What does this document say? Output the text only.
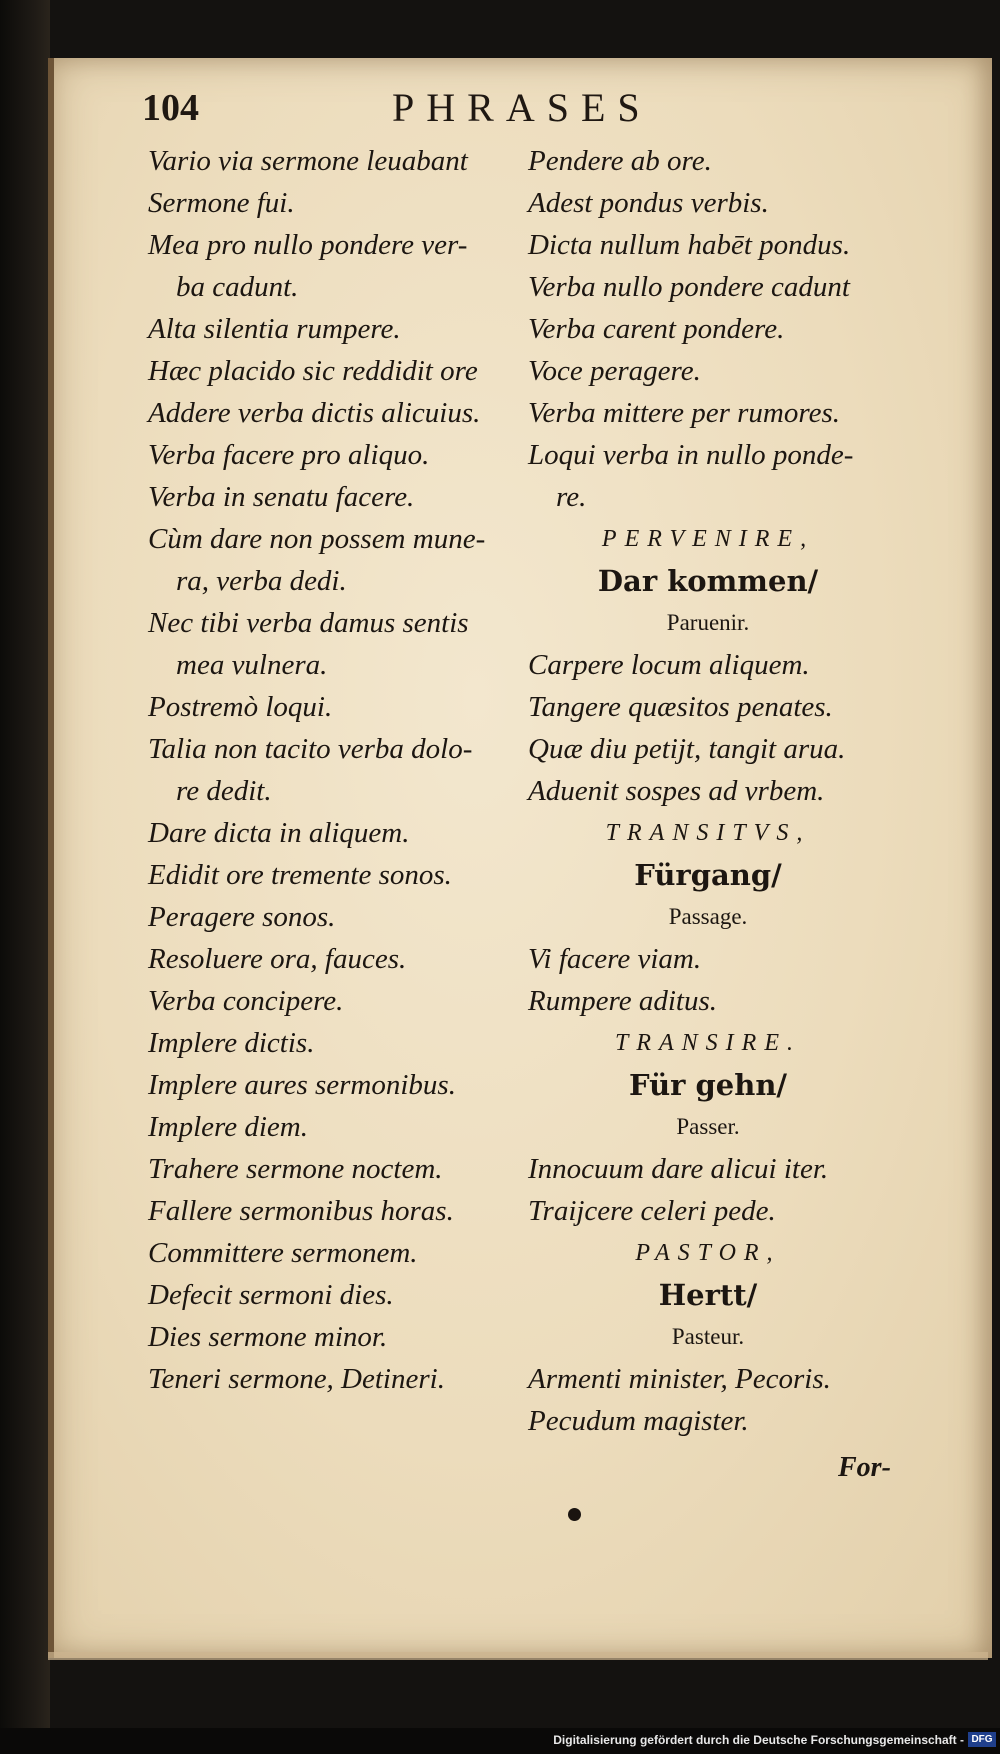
104	PHRASES
Vario via sermone leuabant
Sermone fui.
Mea pro nullo pondere ver-
ba cadunt.
Alta silentia rumpere.
Hæc placido sic reddidit ore
Addere verba dictis alicuius.
Verba facere pro aliquo.
Verba in senatu facere.
Cùm dare non possem mune-
ra, verba dedi.
Nec tibi verba damus sentis
mea vulnera.
Postremò loqui.
Talia non tacito verba dolo-
re dedit.
Dare dicta in aliquem.
Edidit ore tremente sonos.
Peragere sonos.
Resoluere ora, fauces.
Verba concipere.
Implere dictis.
Implere aures sermonibus.
Implere diem.
Trahere sermone noctem.
Fallere sermonibus horas.
Committere sermonem.
Defecit sermoni dies.
Dies sermone minor.
Teneri sermone, Detineri.
Pendere ab ore.
Adest pondus verbis.
Dicta nullum habēt pondus.
Verba nullo pondere cadunt
Verba carent pondere.
Voce peragere.
Verba mittere per rumores.
Loqui verba in nullo ponde-
re.
PERVENIRE,
Dar kommen/
Paruenir.
Carpere locum aliquem.
Tangere quæsitos penates.
Quæ diu petijt, tangit arua.
Aduenit sospes ad vrbem.
TRANSITVS,
Fürgang/
Passage.
Vi facere viam.
Rumpere aditus.
TRANSIRE.
Für gehn/
Passer.
Innocuum dare alicui iter.
Traijcere celeri pede.
PASTOR,
Hertt/
Pasteur.
Armenti minister, Pecoris.
Pecudum magister.
For-
Digitalisierung gefördert durch die Deutsche Forschungsgemeinschaft - DFG
